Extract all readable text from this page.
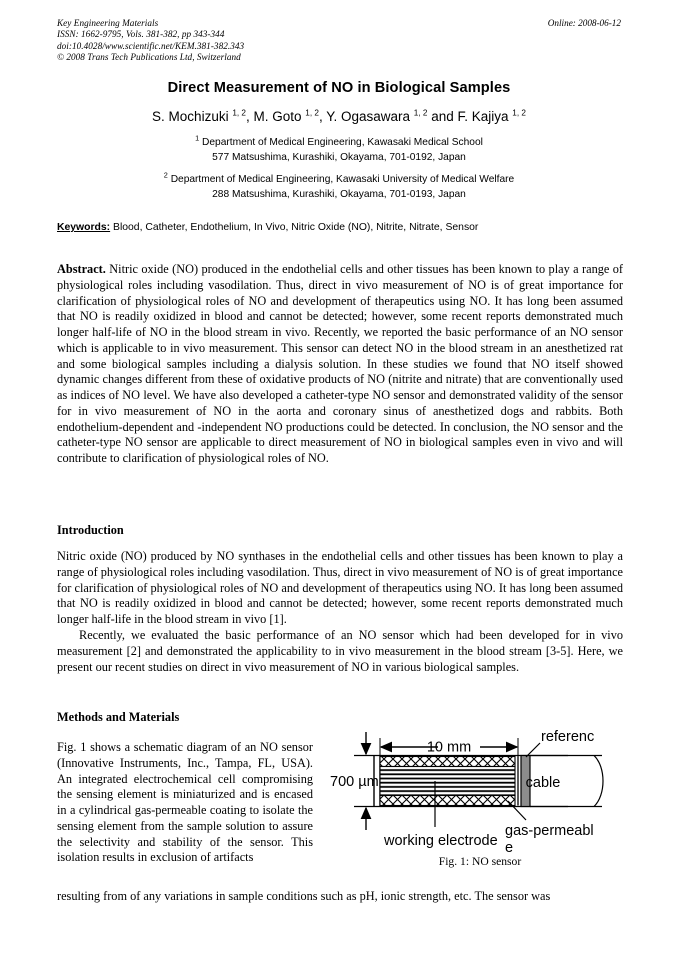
Key Engineering Materials
ISSN: 1662-9795, Vols. 381-382, pp 343-344
doi:10.4028/www.scientific.net/KEM.381-382.343
© 2008 Trans Tech Publications Ltd, Switzerland
Online: 2008-06-12
Direct Measurement of NO in Biological Samples
S. Mochizuki $^{1, 2}$, M. Goto $^{1, 2}$, Y. Ogasawara $^{1, 2}$ and F. Kajiya $^{1, 2}$
$^1$ Department of Medical Engineering, Kawasaki Medical School
577 Matsushima, Kurashiki, Okayama, 701-0192, Japan
$^2$ Department of Medical Engineering, Kawasaki University of Medical Welfare
288 Matsushima, Kurashiki, Okayama, 701-0193, Japan
Keywords: Blood, Catheter, Endothelium, In Vivo, Nitric Oxide (NO), Nitrite, Nitrate, Sensor
Abstract. Nitric oxide (NO) produced in the endothelial cells and other tissues has been known to play a range of physiological roles including vasodilation. Thus, direct in vivo measurement of NO is of great importance for clarification of physiological roles of NO and development of therapeutics using NO. It has long been assumed that NO is readily oxidized in blood and cannot be detected; however, some recent reports demonstrated much longer half-life of NO in the blood stream in vivo. Recently, we reported the basic performance of an NO sensor which is applicable to in vivo measurement. This sensor can detect NO in the blood stream in an anesthetized rat and some biological samples including a dialysis solution. In these studies we found that NO itself showed dynamic changes different from these of oxidative products of NO (nitrite and nitrate) that are conventionally used as indices of NO level. We have also developed a catheter-type NO sensor and demonstrated validity of the sensor for in vivo measurement of NO in the aorta and coronary sinus of anesthetized dogs and rabbits. Both endothelium-dependent and -independent NO productions could be detected. In conclusion, the NO sensor and the catheter-type NO sensor are applicable to direct measurement of NO in biological samples even in vivo and will contribute to clarification of physiological roles of NO.
Introduction
Nitric oxide (NO) produced by NO synthases in the endothelial cells and other tissues has been known to play a range of physiological roles including vasodilation. Thus, direct in vivo measurement of NO is of great importance for clarification of physiological roles of NO and development of therapeutics using NO. It has long been assumed that NO is readily oxidized in blood and cannot be detected; however, some recent reports demonstrated much longer half-life in the blood stream in vivo [1].
Recently, we evaluated the basic performance of an NO sensor which had been developed for in vivo measurement [2] and demonstrated the applicability to in vivo measurement in the blood stream [3-5]. Here, we present our recent studies on direct in vivo measurement of NO in various biological samples.
Methods and Materials
Fig. 1 shows a schematic diagram of an NO sensor (Innovative Instruments, Inc., Tampa, FL, USA). An integrated electrochemical cell compromising the sensing element is miniaturized and is encased in a cylindrical gas-permeable coating to isolate the sensing element from the sample solution to assure the selectivity and stability of the sensor. This isolation results in exclusion of artifacts
resulting from of any variations in sample conditions such as pH, ionic strength, etc. The sensor was
10 mm
700 µm
working electrode
gas-permeabl
e
referenc
cable
Fig. 1: NO sensor
